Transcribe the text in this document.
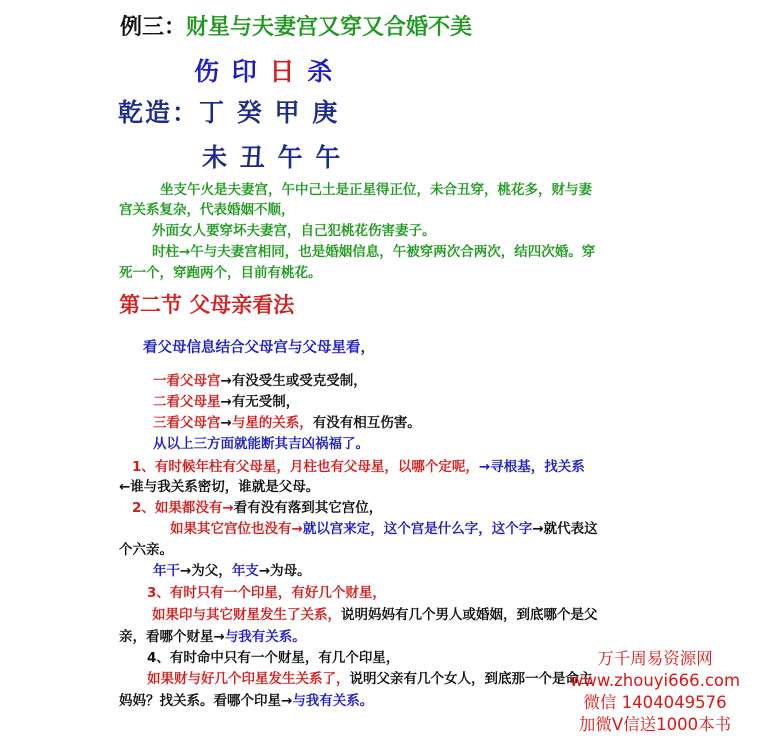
例三：财星与夫妻宫又穿又合婚不美
伤 印 日 杀
乾造：丁 癸 甲 庚
未 丑 午 午
坐支午火是夫妻宫，午中己土是正星得正位，未合丑穿，桃花多，财与妻
宫关系复杂，代表婚姻不顺，
外面女人要穿坏夫妻宫，自己犯桃花伤害妻子。
时柱→午与夫妻宫相同，也是婚姻信息，午被穿两次合两次，结四次婚。穿
死一个，穿跑两个，目前有桃花。
第二节 父母亲看法
看父母信息结合父母宫与父母星看，
一看父母宫→有没受生或受克受制，
二看父母星→有无受制，
三看父母宫→与星的关系，有没有相互伤害。
从以上三方面就能断其吉凶祸福了。
1、有时候年柱有父母星，月柱也有父母星，以哪个定呢，→寻根基，找关系
←谁与我关系密切，谁就是父母。
2、如果都没有→看有没有落到其它宫位，
如果其它宫位也没有→就以宫来定，这个宫是什么字，这个字→就代表这
个六亲。
年干→为父，年支→为母。
3、有时只有一个印星，有好几个财星，
如果印与其它财星发生了关系，说明妈妈有几个男人或婚姻，到底哪个是父
亲，看哪个财星→与我有关系。
4、有时命中只有一个财星，有几个印星，
如果财与好几个印星发生关系了，说明父亲有几个女人，到底那一个是命主
妈妈？找关系。看哪个印星→与我有关系。
万千周易资源网
www.zhouyi666.com
微信 1404049576
加微V信送1000本书
